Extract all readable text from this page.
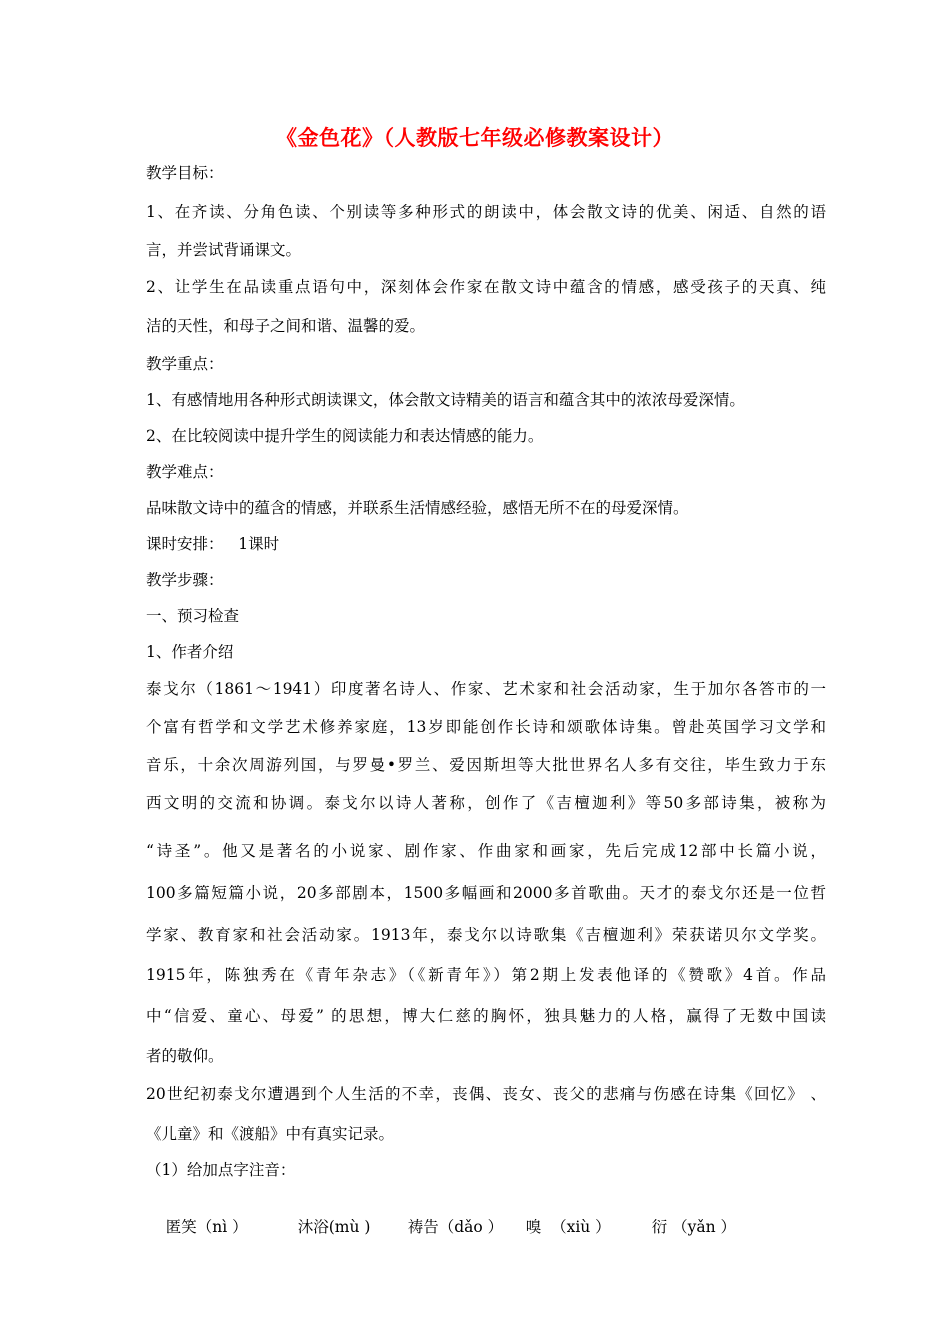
《金色花》（人教版七年级必修教案设计）
教学目标：
1、在齐读、分角色读、个别读等多种形式的朗读中，体会散文诗的优美、闲适、自然的语
言，并尝试背诵课文。
2、让学生在品读重点语句中，深刻体会作家在散文诗中蕴含的情感，感受孩子的天真、纯
洁的天性，和母子之间和谐、温馨的爱。
教学重点：
1、有感情地用各种形式朗读课文，体会散文诗精美的语言和蕴含其中的浓浓母爱深情。
2、在比较阅读中提升学生的阅读能力和表达情感的能力。
教学难点：
品味散文诗中的蕴含的情感，并联系生活情感经验，感悟无所不在的母爱深情。
课时安排：   1课时
教学步骤：
一、预习检查
1、作者介绍
泰戈尔（1861～1941）印度著名诗人、作家、艺术家和社会活动家，生于加尔各答市的一
个富有哲学和文学艺术修养家庭，13岁即能创作长诗和颂歌体诗集。曾赴英国学习文学和
音乐，十余次周游列国，与罗曼•罗兰、爱因斯坦等大批世界名人多有交往，毕生致力于东
西文明的交流和协调。泰戈尔以诗人著称，创作了《吉檀迦利》等50多部诗集，被称为
“诗圣”。他又是著名的小说家、剧作家、作曲家和画家，先后完成12部中长篇小说，
100多篇短篇小说，20多部剧本，1500多幅画和2000多首歌曲。天才的泰戈尔还是一位哲
学家、教育家和社会活动家。1913年，泰戈尔以诗歌集《吉檀迦利》荣获诺贝尔文学奖。
1915年，陈独秀在《青年杂志》（《新青年》）第2期上发表他译的《赞歌》4首。作品
中“信爱、童心、母爱” 的思想，博大仁慈的胸怀，独具魅力的人格，赢得了无数中国读
者的敬仰。
20世纪初泰戈尔遭遇到个人生活的不幸，丧偶、丧女、丧父的悲痛与伤感在诗集《回忆》 、
《儿童》和《渡船》中有真实记录。
（1）给加点字注音：

匿笑（nì ）	沐浴(mù ) 祷告（dǎo ） 嗅  （xiù ）	衍 （yǎn ）
